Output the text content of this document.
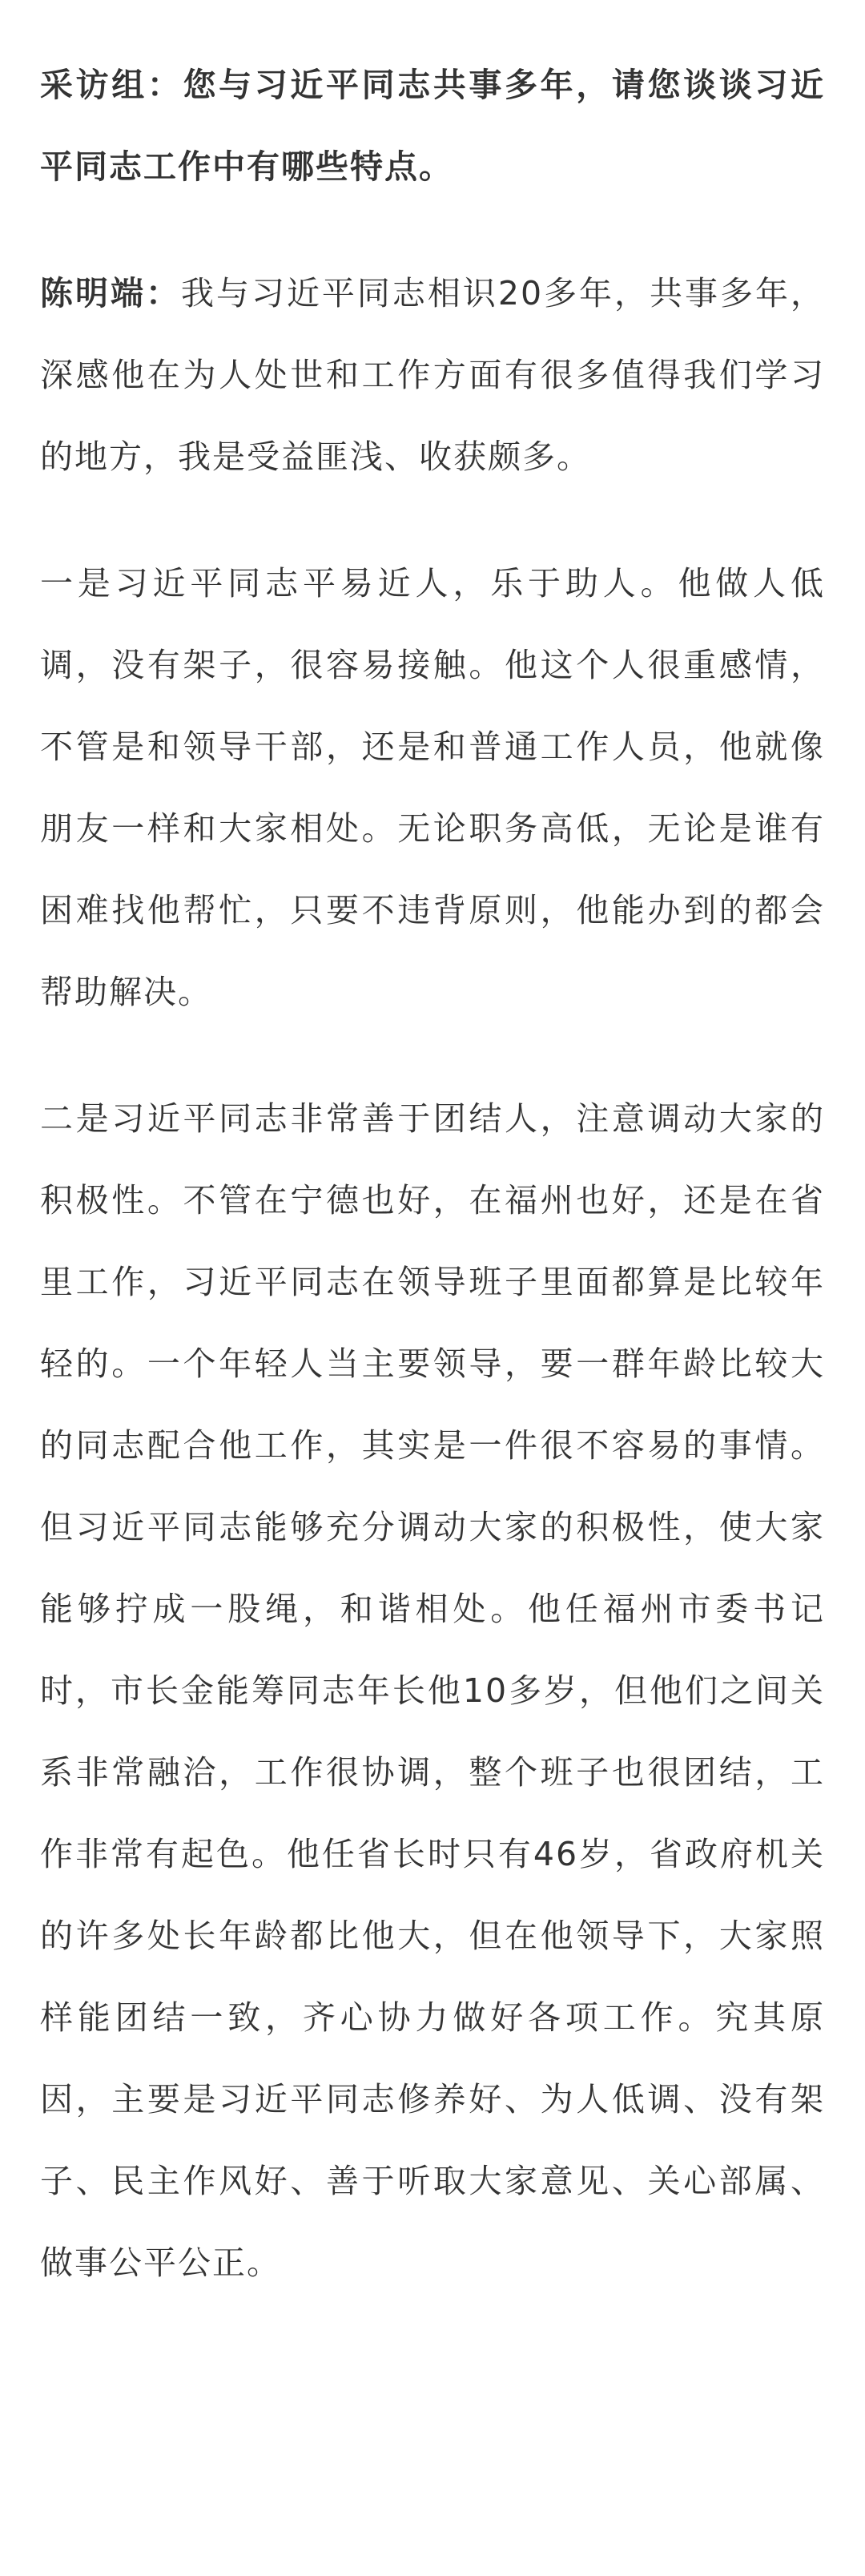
采访组：您与习近平同志共事多年，请您谈谈习近平同志工作中有哪些特点。

陈明端：我与习近平同志相识20多年，共事多年，深感他在为人处世和工作方面有很多值得我们学习的地方，我是受益匪浅、收获颇多。

一是习近平同志平易近人，乐于助人。他做人低调，没有架子，很容易接触。他这个人很重感情，不管是和领导干部，还是和普通工作人员，他就像朋友一样和大家相处。无论职务高低，无论是谁有困难找他帮忙，只要不违背原则，他能办到的都会帮助解决。

二是习近平同志非常善于团结人，注意调动大家的积极性。不管在宁德也好，在福州也好，还是在省里工作，习近平同志在领导班子里面都算是比较年轻的。一个年轻人当主要领导，要一群年龄比较大的同志配合他工作，其实是一件很不容易的事情。但习近平同志能够充分调动大家的积极性，使大家能够拧成一股绳，和谐相处。他任福州市委书记时，市长金能筹同志年长他10多岁，但他们之间关系非常融洽，工作很协调，整个班子也很团结，工作非常有起色。他任省长时只有46岁，省政府机关的许多处长年龄都比他大，但在他领导下，大家照样能团结一致，齐心协力做好各项工作。究其原因，主要是习近平同志修养好、为人低调、没有架子、民主作风好、善于听取大家意见、关心部属、做事公平公正。
